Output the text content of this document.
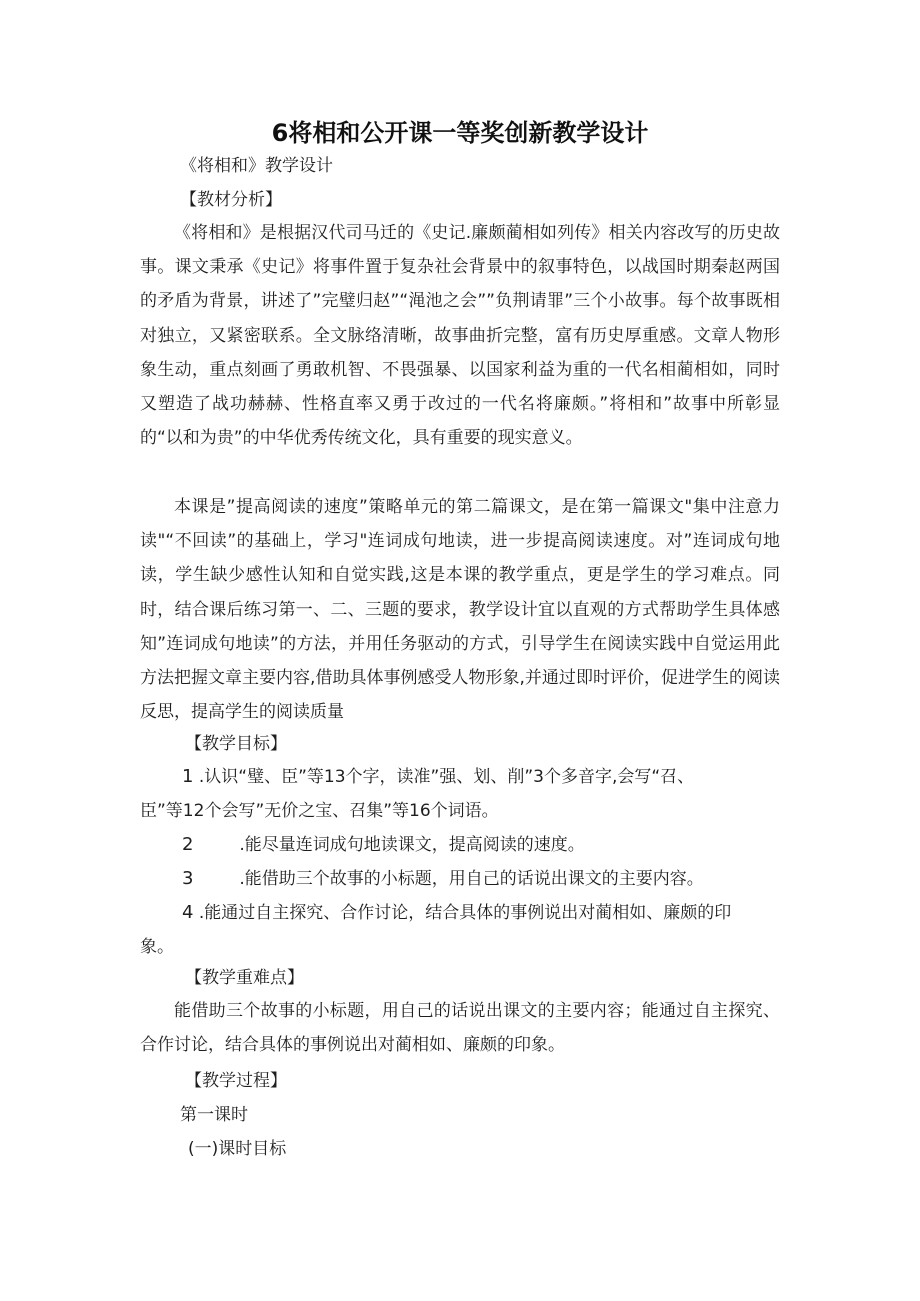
6将相和公开课一等奖创新教学设计
《将相和》教学设计
【教材分析】
《将相和》是根据汉代司马迁的《史记.廉颇蔺相如列传》相关内容改写的历史故事。课文秉承《史记》将事件置于复杂社会背景中的叙事特色，以战国时期秦赵两国的矛盾为背景，讲述了”完璧归赵”“渑池之会””负荆请罪”三个小故事。每个故事既相对独立，又紧密联系。全文脉络清晰，故事曲折完整，富有历史厚重感。文章人物形象生动，重点刻画了勇敢机智、不畏强暴、以国家利益为重的一代名相蔺相如，同时又塑造了战功赫赫、性格直率又勇于改过的一代名将廉颇。”将相和”故事中所彰显的“以和为贵”的中华优秀传统文化，具有重要的现实意义。
本课是”提高阅读的速度”策略单元的第二篇课文，是在第一篇课文"集中注意力读"“不回读”的基础上，学习"连词成句地读，进一步提高阅读速度。对”连词成句地读，学生缺少感性认知和自觉实践,这是本课的教学重点，更是学生的学习难点。同时，结合课后练习第一、二、三题的要求，教学设计宜以直观的方式帮助学生具体感知”连词成句地读”的方法，并用任务驱动的方式，引导学生在阅读实践中自觉运用此方法把握文章主要内容,借助具体事例感受人物形象,并通过即时评价，促进学生的阅读反思，提高学生的阅读质量
【教学目标】
1 .认识“璧、臣”等13个字，读准”强、划、削”3个多音字,会写“召、
臣”等12个会写”无价之宝、召集”等16个词语。
2	.能尽量连词成句地读课文，提高阅读的速度。
3	.能借助三个故事的小标题，用自己的话说出课文的主要内容。
4 .能通过自主探究、合作讨论，结合具体的事例说出对蔺相如、廉颇的印
象。
【教学重难点】
能借助三个故事的小标题，用自己的话说出课文的主要内容；能通过自主探究、合作讨论，结合具体的事例说出对蔺相如、廉颇的印象。
【教学过程】
第一课时
(一)课时目标
